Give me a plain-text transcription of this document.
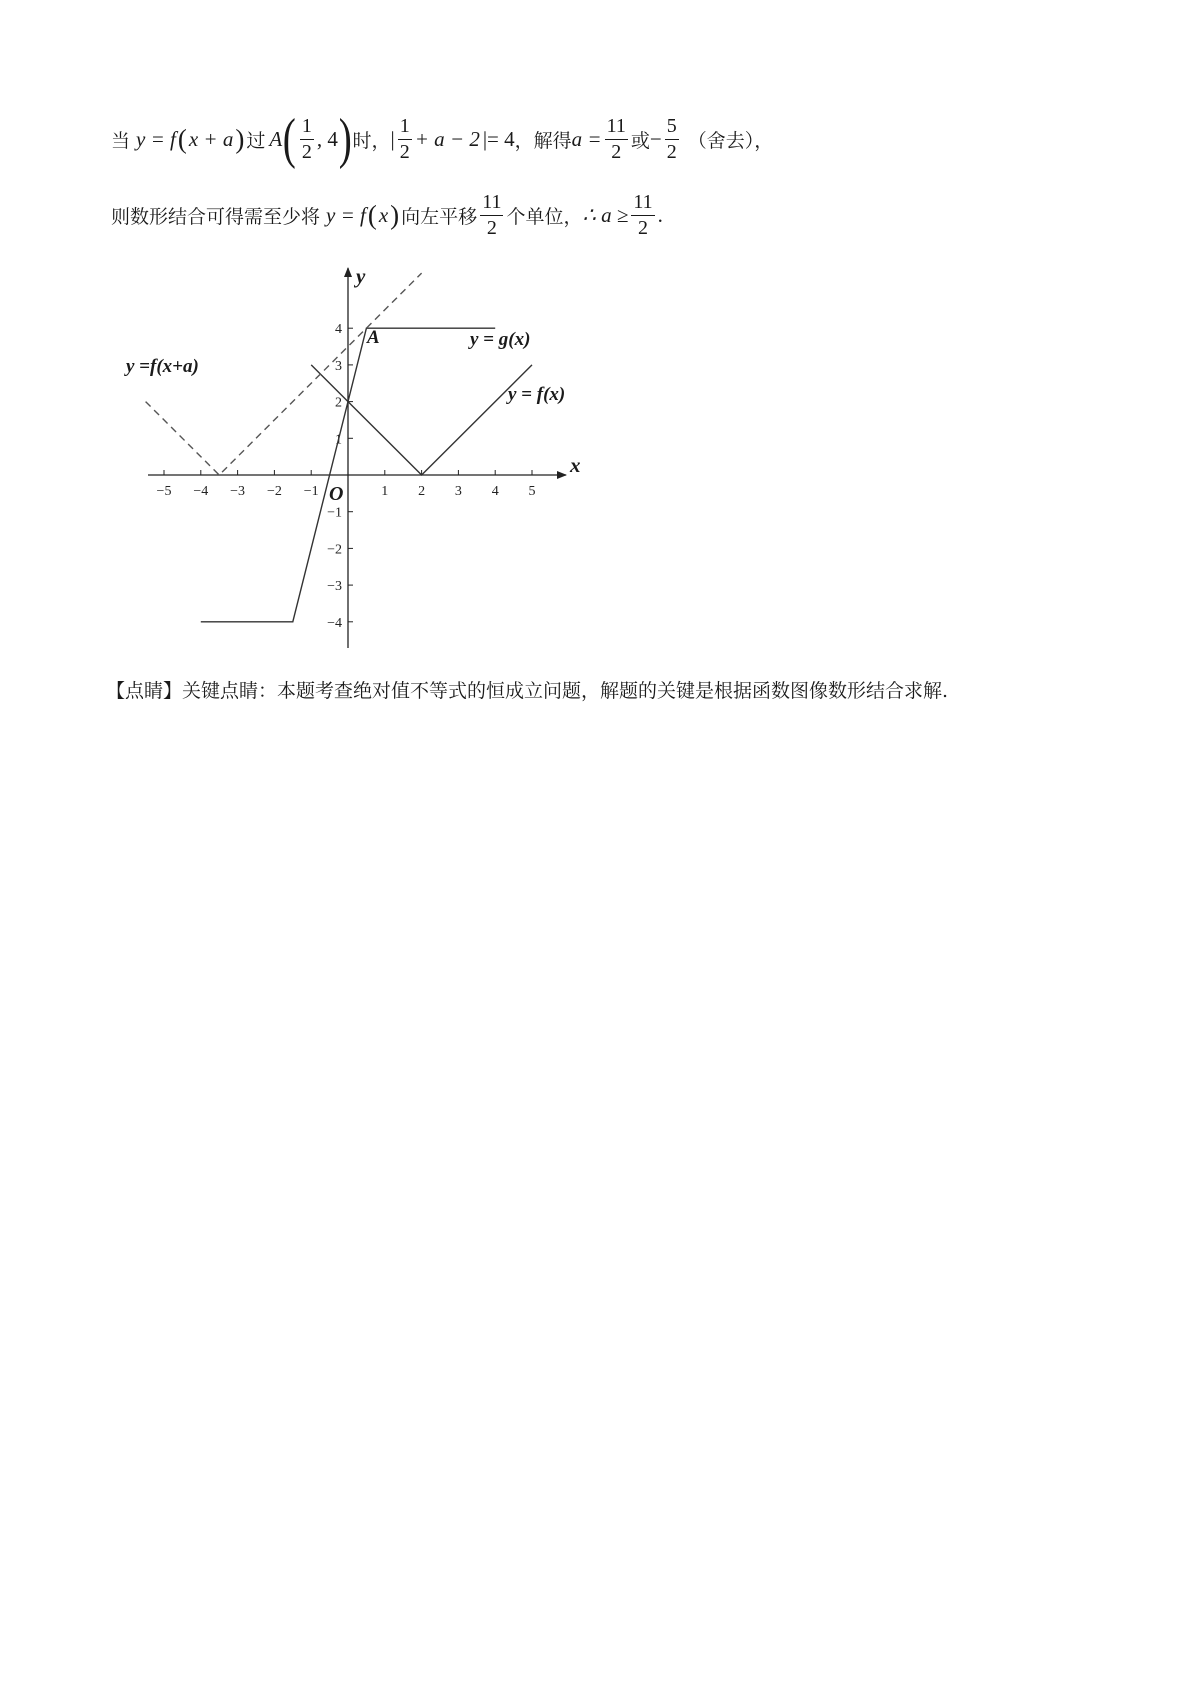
当 y = f ( x + a ) 过 A ( $\frac{1}{2}$ , 4 ) 时， | $\frac{1}{2} + a - 2$ |= 4 ，解得 $a = \frac{11}{2}$ 或 − $\frac{5}{2}$ （舍去），
则数形结合可得需至少将 y = f ( x ) 向左平移 $\frac{11}{2}$ 个单位， ∴ $a \ge \frac{11}{2}$ .
−5 −4 −3 −2 −1	1 2 3 4 5
4
3
2
1
−1
−2
−3
−4
x
y
O
A	y = g(x)
y = f(x)
y =f(x+a)
【点睛】 关键点睛：本题考查绝对值不等式的恒成立问题，解题的关键是根据函数图像数形结合求解.
